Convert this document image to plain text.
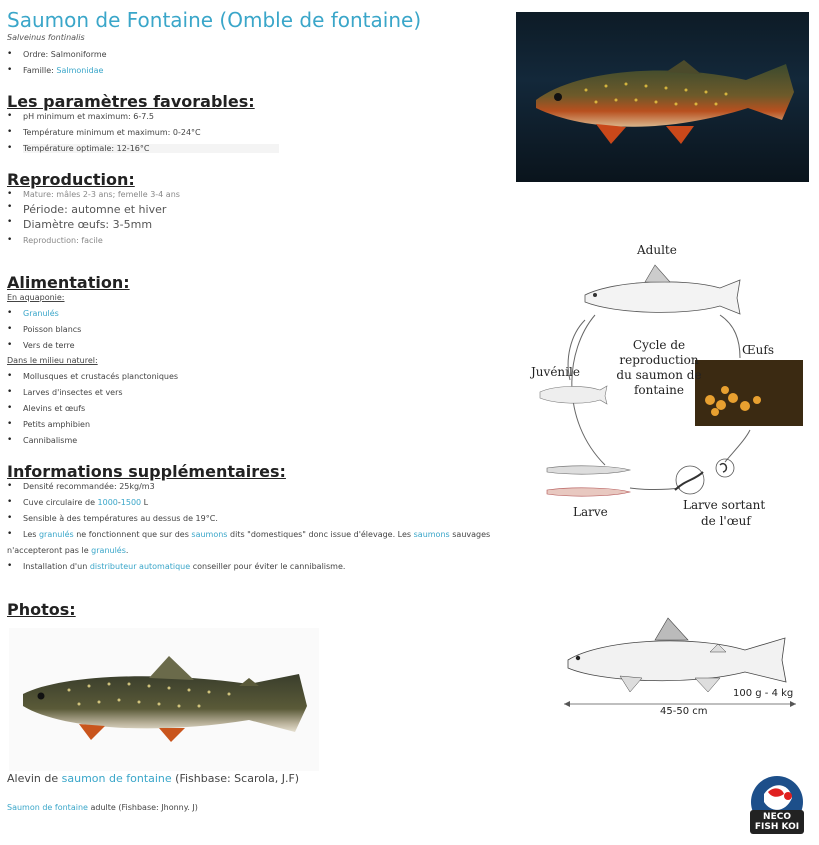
Saumon de Fontaine (Omble de fontaine)
Salveinus fontinalis
• Ordre: Salmoniforme
• Famille: Salmonidae
Les paramètres favorables:
• pH minimum et maximum: 6-7.5
• Température minimum et maximum: 0-24°C
• Température optimale: 12-16°C
Reproduction:
• Mature: mâles 2-3 ans; femelle 3-4 ans
• Période: automne et hiver
• Diamètre œufs: 3-5mm
• Reproduction: facile
Alimentation:
En aquaponie:
• Granulés
• Poisson blancs
• Vers de terre
Dans le milieu naturel:
• Mollusques et crustacés planctoniques
• Larves d'insectes et vers
• Alevins et œufs
• Petits amphibien
• Cannibalisme
Informations supplémentaires:
• Densité recommandée: 25kg/m3
• Cuve circulaire de 1000-1500 L
• Sensible à des températures au dessus de 19°C.
• Les granulés ne fonctionnent que sur des saumons dits "domestiques" donc issue d'élevage. Les saumons sauvages
n'accepteront pas le granulés.
• Installation d'un distributeur automatique conseiller pour éviter le cannibalisme.
Photos:
Alevin de saumon de fontaine (Fishbase: Scarola, J.F)
Saumon de fontaine adulte (Fishbase: Jhonny. J)
Adulte
Œufs
Juvénile
Larve	Larve sortant
de l'œuf
Cycle de
reproduction
du saumon de
fontaine
100 g - 4 kg
45-50 cm
NECO
FISH KOI
